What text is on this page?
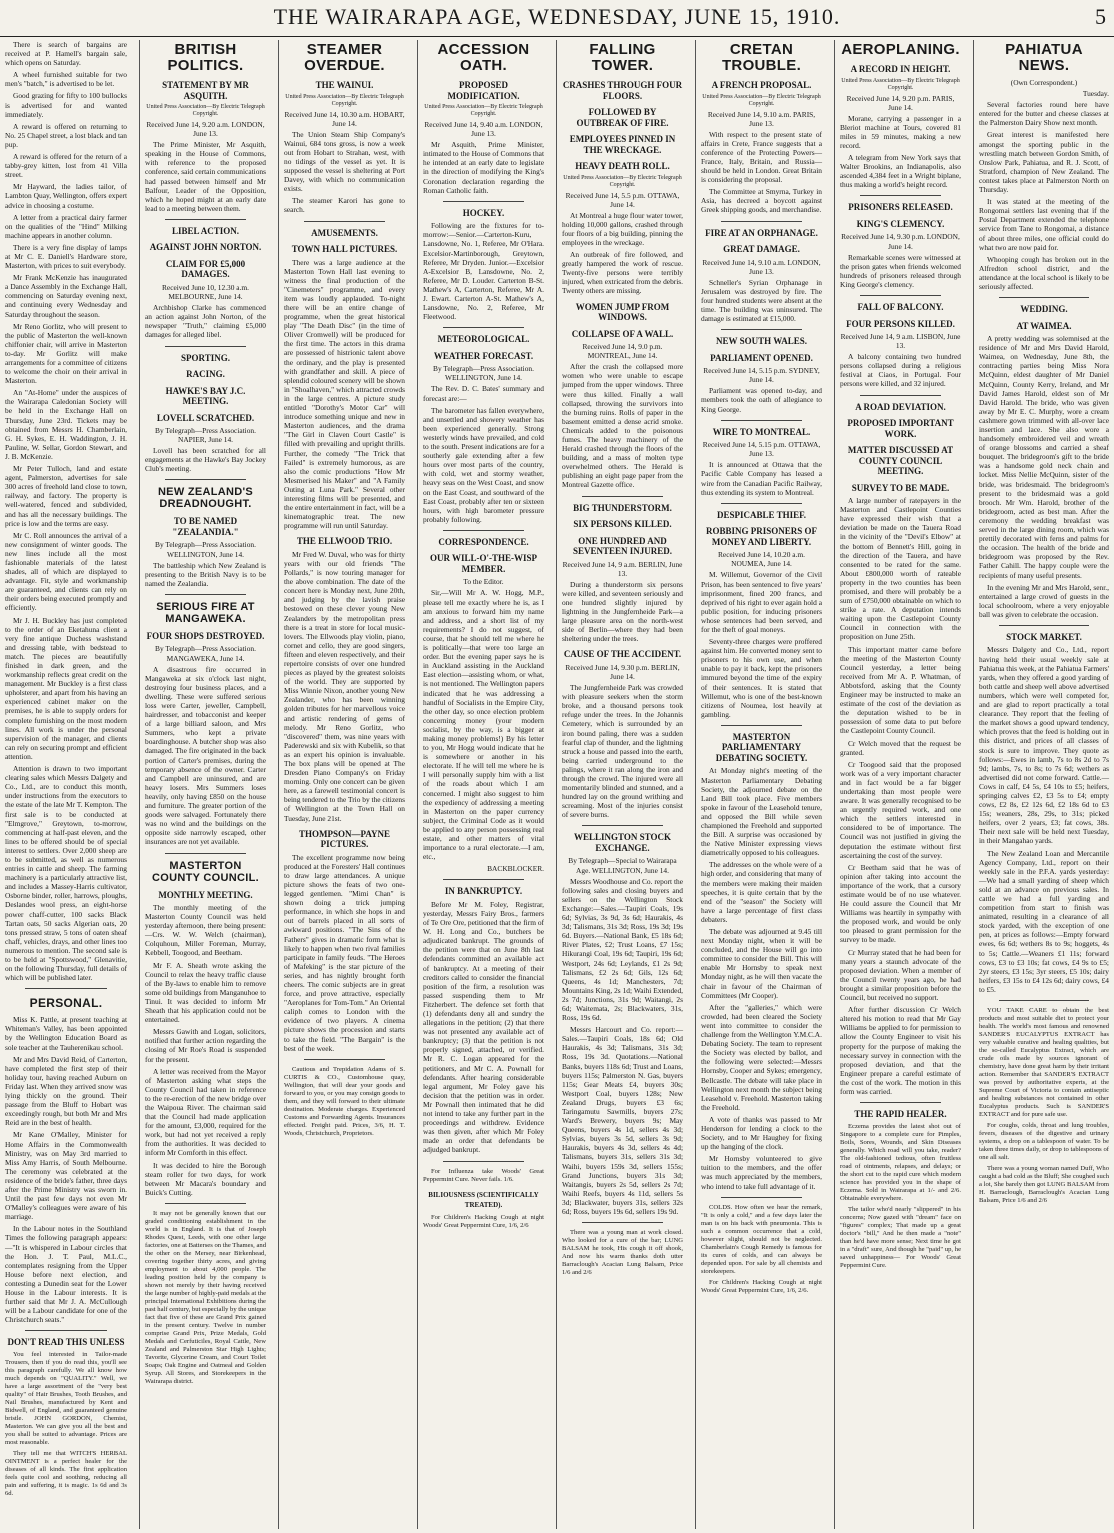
THE WAIRARAPA AGE, WEDNESDAY, JUNE 15, 1910.	5

There is search of bargains are received at P. Hamell's bargain sale, which opens on Saturday.

A wheel furnished suitable for two men's "batch," is advertised to be let.

Good grazing for fifty to 100 bullocks is advertised for and wanted immediately.

A reward is offered on returning to No. 25 Chapel street, a lost black and tan pup.

A reward is offered for the return of a tabby-grey kitten, lost from 41 Villa street.

Mr Hayward, the ladies tailor, of Lambton Quay, Wellington, offers expert advice in choosing a costume.

A letter from a practical dairy farmer on the qualities of the "Hind" Milking machine appears in another column.

There is a very fine display of lamps at Mr C. E. Daniell's Hardware store, Masterton, with prices to suit everybody.

Mr Frank McKenzie has inaugurated a Dance Assembly in the Exchange Hall, commencing on Saturday evening next, and continuing every Wednesday and Saturday throughout the season.

Mr Reno Gorlitz, who will present to the public of Masterton the well-known chiffonier chair, will arrive in Masterton to-day. Mr Gorlitz will make arrangements for a committee of citizens to welcome the choir on their arrival in Masterton.

An "At-Home" under the auspices of the Wairarapa Caledonian Society will be held in the Exchange Hall on Thursday, June 23rd. Tickets may be obtained from Messrs H. Chamberlain, G. H. Sykes, E. H. Waddington, J. H. Pauline, W. Sellar, Gordon Stewart, and J. B. McKenzie.

Mr Peter Tulloch, land and estate agent, Palmerston, advertises for sale 300 acres of freehold land close to town, railway, and factory. The property is well-watered, fenced and subdivided, and has all the necessary buildings. The price is low and the terms are easy.

Mr C. Roll announces the arrival of a new consignment of winter goods. The new lines include all the most fashionable materials of the latest shades, all of which are displayed to advantage. Fit, style and workmanship are guaranteed, and clients can rely on their orders being executed promptly and efficiently.

Mr J. H. Buckley has just completed to the order of an Eketahuna client a very fine antique Duchess washstand and dressing table, with bedstead to match. The pieces are beautifully finished in dark green, and the workmanship reflects great credit on the management. Mr Buckley is a first class upholsterer, and apart from his having an experienced cabinet maker on the premises, he is able to supply orders for complete furnishing on the most modern lines. All work is under the personal supervision of the manager, and clients can rely on securing prompt and efficient attention.

Attention is drawn to two important clearing sales which Messrs Dalgety and Co., Ltd., are to conduct this month, under instructions from the executors to the estate of the late Mr T. Kempton. The first sale is to be conducted at "Elmgrove," Greytown, to-morrow, commencing at half-past eleven, and the lines to be offered should be of special interest to settlers. Over 2,000 sheep are to be submitted, as well as numerous entries in cattle and sheep. The farming machinery is a particularly attractive list, and includes a Massey-Harris cultivator, Osborne binder, roller, harrows, ploughs, Deslandes wool press, an eight-horse power chaff-cutter, 100 sacks Black Tartan oats, 50 sacks Algerian oats, 20 tons pressed straw, 5 tons of oaten sheaf chaff, vehicles, drays, and other lines too numerous to mention. The second sale is to be held at "Spottswood," Glenavitie, on the following Thursday, full details of which will be published later.

PERSONAL.

Miss K. Pattle, at present teaching at Whiteman's Valley, has been appointed by the Wellington Education Board as sole teacher at the Tauherenikau school.

Mr and Mrs David Reid, of Carterton, have completed the first step of their holiday tour, having reached Auburn on Friday last. When they arrived snow was lying thickly on the ground. Their passage from the Bluff to Hobart was exceedingly rough, but both Mr and Mrs Reid are in the best of health.

Mr Kane O'Malley, Minister for Home Affairs in the Commonwealth Ministry, was on May 3rd married to Miss Amy Harris, of South Melbourne. The ceremony was celebrated at the residence of the bride's father, three days after the Prime Ministry was sworn in. Until the past few days not even Mr O'Malley's colleagues were aware of his marriage.

In the Labour notes in the Southland Times the following paragraph appears:—"It is whispered in Labour circles that the Hon. J. T. Paul, M.L.C., contemplates resigning from the Upper House before next election, and contesting a Dunedin seat for the Lower House in the Labour interests. It is further said that Mr J. A. McCullough will be a Labour candidate for one of the Christchurch seats."

DON'T READ THIS UNLESS

You feel interested in Tailor-made Trousers, then if you do read this, you'll see this paragraph carefully. We all know how much depends on "QUALITY." Well, we have a large assortment of the "very best quality" of Hair Brushes, Tooth Brushes, and Nail Brushes, manufactured by Kent and Bidwell, of England, and guaranteed genuine bristle. JOHN GORDON, Chemist, Masterton. We can give you all the best and you shall be suited to advantage. Prices are most reasonable.

They tell me that WITCH'S HERBAL OINTMENT is a perfect healer for the diseases of all kinds. The first application feels quite cool and soothing, reducing all pain and suffering, it is magic. 1s 6d and 3s 6d.

BRITISH POLITICS.
STATEMENT BY MR ASQUITH.
United Press Association—By Electric Telegraph Copyright.
Received June 14, 9.20 a.m. LONDON, June 13.

The Prime Minister, Mr Asquith, speaking in the House of Commons, with reference to the proposed conference, said certain communications had passed between himself and Mr Balfour, Leader of the Opposition, which he hoped might at an early date lead to a meeting between them.

LIBEL ACTION.
AGAINST JOHN NORTON.
CLAIM FOR £5,000 DAMAGES.
Received June 10, 12.30 a.m. MELBOURNE, June 14.

Archbishop Clarke has commenced an action against John Norton, of the newspaper "Truth," claiming £5,000 damages for alleged libel.

SPORTING.
RACING.
HAWKE'S BAY J.C. MEETING.
LOVELL SCRATCHED.
By Telegraph—Press Association. NAPIER, June 14.

Lovell has been scratched for all engagements at the Hawke's Bay Jockey Club's meeting.

NEW ZEALAND'S DREADNOUGHT.
TO BE NAMED "ZEALANDIA."
By Telegraph—Press Association. WELLINGTON, June 14.

The battleship which New Zealand is presenting to the British Navy is to be named the Zealandia.

SERIOUS FIRE AT MANGAWEKA.
FOUR SHOPS DESTROYED.
By Telegraph—Press Association. MANGAWEKA, June 14.

A disastrous fire occurred in Mangaweka at six o'clock last night, destroying four business places, and a dwelling. These were suffered serious loss were Carter, jeweller, Campbell, hairdresser, and tobacconist and keeper of a large billiard saloon, and Mrs Summers, who kept a private boardinghouse. A butcher shop was also damaged. The fire originated in the back portion of Carter's premises, during the temporary absence of the owner. Carter and Campbell are uninsured, and are heavy losers. Mrs Summers loses heavily, only having £850 on the house and furniture. The greater portion of the goods were salvaged. Fortunately there was no wind and the buildings on the opposite side narrowly escaped, other insurances are not yet available.

MASTERTON COUNTY COUNCIL.
MONTHLY MEETING.

The monthly meeting of the Masterton County Council was held yesterday afternoon, there being present:—Crs. W. W. Welch (chairman), Colquhoun, Miller Foreman, Murray, Kebbell, Toogood, and Beetham.

Mr F. A. Sheath wrote asking the Council to relax the heavy traffic clause of the By-laws to enable him to remove some old buildings from Manganuhoe to Tinui. It was decided to inform Mr Sheath that his application could not be entertained.

Messrs Gawith and Logan, solicitors, notified that further action regarding the closing of Mr Roe's Road is suspended for the present.

A letter was received from the Mayor of Masterton asking what steps the County Council had taken in reference to the re-erection of the new bridge over the Waipoua River. The chairman said that the Council had made application for the amount, £3,000, required for the work, but had not yet received a reply from the authorities. It was decided to inform Mr Cornforth in this effect.

It was decided to hire the Borough steam roller for two days, for work between Mr Macara's boundary and Buick's Cutting.

It may not be generally known that our graded conditioning establishment in the world is in England. It is that of Joseph Rhodes Quest, Leeds, with one other large factories, one at Batterses on the Thames, and the other on the Mersey, near Birkenhead, covering together thirty acres, and giving employment to about 4,000 people. The leading position held by the company is shown not merely by their having received the large number of highly-paid medals at the principal International Exhibitions during the past half century, but especially by the unique fact that five of these are Grand Prix gained in the present century. Twelve in number comprise Grand Prix, Prize Medals, Gold Medals and Cerfuticiles, Royal Cattle, New Zealand and Palmerston Star High Lights; Tavorite, Glycerine Cream, and Court Toilet Soaps; Oak Engine and Oatmeal and Golden Syrup. All Stores, and Storekeepers in the Wairarapa district.

STEAMER OVERDUE.
THE WAINUI.
United Press Association—By Electric Telegraph Copyright.
Received June 14, 10.30 a.m. HOBART, June 14.

The Union Steam Ship Company's Wainui, 684 tons gross, is now a week out from Hobart to Strahan, west, with no tidings of the vessel as yet. It is supposed the vessel is sheltering at Port Davey, with which no communication exists.

The steamer Karori has gone to search.

AMUSEMENTS.
TOWN HALL PICTURES.

There was a large audience at the Masterton Town Hall last evening to witness the final production of the "Cinemeters" programme, and every item was loudly applauded. To-night there will be an entire change of programme, when the great historical play "The Death Disc" (in the time of Oliver Cromwell) will be produced for the first time. The actors in this drama are possessed of histrionic talent above the ordinary, and the play is presented with grandfather and skill. A piece of splendid coloured scenery will be shown in "Shoalhaven," which attracted crowds in the large centres. A picture study entitled "Dorothy's Motor Car" will introduce something unique and new in Masterton audiences, and the drama "The Girl in Claven Court Castle" is filled with prevailing and upright thrills. Further, the comedy "The Trick that Failed" is extremely humorous, as are also the comic productions "How Mr Mesmerised his Maker" and "A Family Outing at Luna Park." Several other interesting films will be presented, and the entire entertainment in fact, will be a kinematographic treat. The new programme will run until Saturday.

THE ELLWOOD TRIO.

Mr Fred W. Duval, who was for thirty years with our old friends "The Pollards," is now touring manager for the above combination. The date of the concert here is Monday next, June 20th, and judging by the lavish praise bestowed on these clever young New Zealanders by the metropolitan press there is a treat in store for local music-lovers. The Ellwoods play violin, piano, cornet and cello, they are good singers, fifteen and eleven respectively, and their repertoire consists of over one hundred pieces as played by the greatest soloists of the world. They are supported by Miss Winnie Nixon, another young New Zealander, who has been winning golden tributes for her marvellous voice and artistic rendering of gems of melody. Mr Reno Gorlitz, who "discovered" them, was nine years with Paderewski and six with Kubelik, so that as an expert his opinion is invaluable. The box plans will be opened at The Dresden Piano Company's on Friday morning. Only one concert can be given here, as a farewell testimonial concert is being tendered to the Trio by the citizens of Wellington at the Town Hall on Tuesday, June 21st.

THOMPSON—PAYNE PICTURES.

The excellent programme now being produced at the Foresters' Hall continues to draw large attendances. A unique picture shows the feats of two one-legged gentlemen. "Mimi Chan" is shown doing a trick jumping performance, in which she hops in and out of barrels placed in all sorts of awkward positions. "The Sins of the Fathers" gives in dramatic form what is likely to happen when two rival families participate in family feuds. "The Heroes of Mafeking" is the star picture of the series, and has nightly brought forth cheers. The comic subjects are in great force, and prove attractive, especially "Aeroplanes for Tom-Tom." An Oriental caliph comes to London with the evidence of two players. A cinema picture shows the procession and starts to take the field. "The Bargain" is the best of the week.

Cautious and Trepidation Adams of S. CURTIS & CO., Customhouse quay, Wellington, that will dear your goods and forward to you, or you may consign goods to them, and they will forward to their ultimate destination. Moderate charges. Experienced Customs and Forwarding Agents. Insurances effected. Freight paid. Prices, 3/6, H. T. Woods, Christchurch, Proprietors.

ACCESSION OATH.
PROPOSED MODIFICATION.
United Press Association—By Electric Telegraph Copyright.
Received June 14, 9.40 a.m. LONDON, June 13.

Mr Asquith, Prime Minister, intimated to the House of Commons that he intended at an early date to legislate in the direction of modifying the King's Coronation declaration regarding the Roman Catholic faith.

HOCKEY.

Following are the fixtures for to-morrow:—Senior.—Carterton-Kuru, Lansdowne, No. 1, Referee, Mr O'Hara. Excelsior-Martinborough, Greytown, Referee, Mr Dryden. Junior.—Excelsior A-Excelsior B, Lansdowne, No. 2, Referee, Mr D. Louder. Carterton B-St. Mathew's A, Carterton, Referee, Mr A. J. Ewart. Carterton A-St. Mathew's A, Lansdowne, No. 2, Referee, Mr Fleetwood.

METEOROLOGICAL.
WEATHER FORECAST.
By Telegraph—Press Association. WELLINGTON, June 14.

The Rev. D. C. Bates' summary and forecast are:—

The barometer has fallen everywhere, and unsettled and showery weather has been experienced generally. Strong westerly winds have prevailed, and cold to the south. Present indications are for a southerly gale extending after a few hours over most parts of the country, with cold, wet and stormy weather, heavy seas on the West Coast, and snow on the East Coast, and southward of the East Coast, probably after ten or sixteen hours, with high barometer pressure probably following.

CORRESPONDENCE.
OUR WILL-O'-THE-WISP MEMBER.
To the Editor.

Sir,—Will Mr A. W. Hogg, M.P., please tell me exactly where he is, as I am anxious to forward him my name and address, and a short list of my requirements? I do not suggest, of course, that he should tell me where he is politically—that were too large an order. But the evening paper says he is in Auckland assisting in the Auckland East election—assisting whom, or what, is not mentioned. The Wellington papers indicated that he was addressing a handful of Socialists in the Empire City, the other day, so once election problem concerning money (your modern socialist, by the way, is a bigger at making money problems!) By his letter to you, Mr Hogg would indicate that he is somewhere or another in his electorate. If he will tell me where he is I will personally supply him with a list of the roads about which I am concerned. I might also suggest to him the expediency of addressing a meeting in Masterton on the paper currency subject, the Criminal Code as it would be applied to any person possessing real estate, and other matters of vital importance to a rural electorate.—I am, etc.,

BACKBLOCKER.
IN BANKRUPTCY.

Before Mr M. Foley, Registrar, yesterday, Messrs Fairy Bros., farmers of Te Ore Ore, petitioned that the firm of W. H. Long and Co., butchers be adjudicated bankrupt. The grounds of the petition were that on June 8th last defendants committed an available act of bankruptcy. At a meeting of their creditors called to consider the financial position of the firm, a resolution was passed suspending them to Mr Fitzherbert. The defence set forth that (1) defendants deny all and sundry the allegations in the petition; (2) that there was not presented any available act of bankruptcy; (3) that the petition is not properly signed, attached, or verified. Mr R. C. Logan appeared for the petitioners, and Mr C. A. Pownall for defendants. After hearing considerable legal argument, Mr Foley gave his decision that the petition was in order. Mr Pownall then intimated that he did not intend to take any further part in the proceedings and withdrew. Evidence was then given, after which Mr Foley made an order that defendants be adjudged bankrupt.

For Influenza take Woods' Great Peppermint Cure. Never fails. 1/6.

BILIOUSNESS (SCIENTIFICALLY TREATED).

For Children's Hacking Cough at night Woods' Great Peppermint Cure, 1/6, 2/6

FALLING TOWER.
CRASHES THROUGH FOUR FLOORS.
FOLLOWED BY OUTBREAK OF FIRE.
EMPLOYEES PINNED IN THE WRECKAGE.
HEAVY DEATH ROLL.
United Press Association—By Electric Telegraph Copyright.
Received June 14, 5.5 p.m. OTTAWA, June 14.

At Montreal a huge flour water tower, holding 10,000 gallons, crashed through four floors of a big building, pinning the employees in the wreckage.

An outbreak of fire followed, and greatly hampered the work of rescue. Twenty-five persons were terribly injured, when extricated from the debris. Twenty others are missing.

WOMEN JUMP FROM WINDOWS.
COLLAPSE OF A WALL.
Received June 14, 9.0 p.m. MONTREAL, June 14.

After the crash the collapsed more women who were unable to escape jumped from the upper windows. Three were thus killed. Finally a wall collapsed, throwing the survivors into the burning ruins. Rolls of paper in the basement emitted a dense acrid smoke. Chemicals added to the poisonous fumes. The heavy machinery of the Herald crashed through the floors of the building, and a mass of molten type overwhelmed others. The Herald is publishing an eight page paper from the Montreal Gazette office.

BIG THUNDERSTORM.
SIX PERSONS KILLED.
ONE HUNDRED AND SEVENTEEN INJURED.
Received June 14, 9 a.m. BERLIN, June 13.

During a thunderstorm six persons were killed, and seventeen seriously and one hundred slightly injured by lightning in the Jungfernheide Park—a large pleasure area on the north-west side of Berlin—where they had been sheltering under the trees.

CAUSE OF THE ACCIDENT.
Received June 14, 9.30 p.m. BERLIN, June 14.

The Jungfernheide Park was crowded with pleasure seekers when the storm broke, and a thousand persons took refuge under the trees. In the Johannis Cemetery, which is surrounded by an iron bound paling, there was a sudden fearful clap of thunder, and the lightning struck a house and passed into the earth, being carried underground to the palings, where it ran along the iron and through the crowd. The injured were all momentarily blinded and stunned, and a hundred lay on the ground writhing and screaming. Most of the injuries consist of severe burns.

WELLINGTON STOCK EXCHANGE.
By Telegraph—Special to Wairarapa Age. WELLINGTON, June 14.

Messrs Woodhouse and Co. report the following sales and closing buyers and sellers on the Wellington Stock Exchange:—Sales.—Taupiri Coals, 19s 6d; Sylvias, 3s 9d, 3s 6d; Haurakis, 4s 3d; Talismans, 31s 3d; Ross, 19s 3d; 19s 6d. Buyers.—National Bank, £5 18s 6d; River Plates, £2; Trust Loans, £7 15s; Hikurangi Coal, 19s 6d; Taupiri, 19s 6d; Westport, 24s 6d; Leylands, £1 2s 9d; Talismans, £2 2s 6d; Gils, 12s 6d; Queens, 4s 1d; Manchesters, 7d; Mountains King, 2s 1d; Waihi Extended, 2s 7d; Junctions, 31s 9d; Waitangi, 2s 6d; Waitemata, 2s; Blackwaters, 31s, Ross, 19s 6d.

Messrs Harcourt and Co. report:—Sales.—Taupiri Coals, 18s 6d; Old Haurakis, 4s 3d; Talismans, 31s 3d; Ross, 19s 3d. Quotations.—National Banks, buyers 118s 6d; Trust and Loans, buyers 115s; Palmerston N. Gas, buyers 115s; Gear Meats £4, buyers 30s; Westport Coal, buyers 128s; New Zealand Drugs, buyers £3 6s; Taringamutu Sawmills, buyers 27s; Ward's Brewery, buyers 9s; May Queens, buyers 4s 1d, sellers 4s 3d; Sylvias, buyers 3s 5d, sellers 3s 9d; Haurakis, buyers 4s 3d, sellers 4s 4d; Talismans, buyers 31s, sellers 31s 3d; Waihi, buyers 159s 3d, sellers 155s; Grand Junctions, buyers 31s 3d; Waitangis, buyers 2s 5d, sellers 2s 7d; Waihi Reefs, buyers 4s 11d, sellers 5s 3d; Blackwater, buyers 31s, sellers 32s 6d; Ross, buyers 19s 6d, sellers 19s 9d.

There was a young man at work closed. Who looked for a cure of the bar; LUNG BALSAM he took, His cough it off shook, And now his warm thanks doth utter Barraclough's Acacian Lung Balsam, Price 1/6 and 2/6

CRETAN TROUBLE.
A FRENCH PROPOSAL.
United Press Association—By Electric Telegraph Copyright.
Received June 14, 9.10 a.m. PARIS, June 13.

With respect to the present state of affairs in Crete, France suggests that a conference of the Protecting Powers—France, Italy, Britain, and Russia—should be held in London. Great Britain is considering the proposal.

The Committee at Smyrna, Turkey in Asia, has decreed a boycott against Greek shipping goods, and merchandise.

FIRE AT AN ORPHANAGE.
GREAT DAMAGE.
Received June 14, 9.10 a.m. LONDON, June 13.

Schneller's Syrian Orphanage in Jerusalem was destroyed by fire. The four hundred students were absent at the time. The building was uninsured. The damage is estimated at £15,000.

NEW SOUTH WALES.
PARLIAMENT OPENED.
Received June 14, 5.15 p.m. SYDNEY, June 14.

Parliament was opened to-day, and members took the oath of allegiance to King George.

WIRE TO MONTREAL.
Received June 14, 5.15 p.m. OTTAWA, June 13.

It is announced at Ottawa that the Pacific Cable Company has leased a wire from the Canadian Pacific Railway, thus extending its system to Montreal.

DESPICABLE THIEF.
ROBBING PRISONERS OF MONEY AND LIBERTY.
Received June 14, 10.20 a.m. NOUMEA, June 14.

M. Willemut, Governor of the Civil Prison, has been sentenced to five years' imprisonment, fined 200 francs, and deprived of his right to ever again hold a public position, for inducing prisoners whose sentences had been served, and for the theft of goal moneys.

Seventy-three charges were proffered against him. He converted money sent to prisoners to his own use, and when unable to pay it back, kept the prisoners immured beyond the time of the expiry of their sentences. It is stated that Willemut, who is one of the best-known citizens of Noumea, lost heavily at gambling.

MASTERTON PARLIAMENTARY DEBATING SOCIETY.

At Monday night's meeting of the Masterton Parliamentary Debating Society, the adjourned debate on the Land Bill took place. Five members spoke in favour of the Leasehold tenure, and opposed the Bill while seven championed the Freehold and supported the Bill. A surprise was occasioned by the Native Minister expressing views diametrically opposed to his colleagues.

The addresses on the whole were of a high order, and considering that many of the members were making their maiden speeches, it is quite certain that by the end of the "season" the Society will have a large percentage of first class debaters.

The debate was adjourned at 9.45 till next Monday night, when it will be concluded, and the House will go into committee to consider the Bill. This will enable Mr Hornsby to speak next Monday night, as he will then vacate the chair in favour of the Chairman of Committees (Mr Cooper).

After the "galleries," which were crowded, had been cleared the Society went into committee to consider the challenge from the Wellington Y.M.C.A. Debating Society. The team to represent the Society was elected by ballot, and the following were selected:—Messrs Hornsby, Cooper and Sykes; emergency, Bellcastle. The debate will take place in Wellington next month the subject being Leasehold v. Freehold. Masterton taking the Freehold.

A vote of thanks was passed to Mr Henderson for lending a clock to the Society, and to Mr Haughey for fixing up the hanging of the clock.

Mr Hornsby volunteered to give tuition to the members, and the offer was much appreciated by the members, who intend to take full advantage of it.

COLDS. How often we hear the remark, "It is only a cold," and a few days later the man is on his back with pneumonia. This is such a common occurrence that a cold, however slight, should not be neglected. Chamberlain's Cough Remedy is famous for its cures of colds, and can always be depended upon. For sale by all chemists and storekeepers.

For Children's Hacking Cough at night Woods' Great Peppermint Cure, 1/6, 2/6.

AEROPLANING.
A RECORD IN HEIGHT.
United Press Association—By Electric Telegraph Copyright.
Received June 14, 9.20 p.m. PARIS, June 14.

Morane, carrying a passenger in a Bleriot machine at Tours, covered 81 miles in 59 minutes, making a new record.

A telegram from New York says that Walter Brookins, an Indianapolis, also ascended 4,384 feet in a Wright biplane, thus making a world's height record.

PRISONERS RELEASED.
KING'S CLEMENCY.
Received June 14, 9.30 p.m. LONDON, June 14.

Remarkable scenes were witnessed at the prison gates when friends welcomed hundreds of prisoners released through King George's clemency.

FALL OF BALCONY.
FOUR PERSONS KILLED.
Received June 14, 9 a.m. LISBON, June 13.

A balcony containing two hundred persons collapsed during a religious festival at Ciaos, in Portugal. Four persons were killed, and 32 injured.

A ROAD DEVIATION.
PROPOSED IMPORTANT WORK.
MATTER DISCUSSED AT COUNTY COUNCIL MEETING.
SURVEY TO BE MADE.

A large number of ratepayers in the Masterton and Castlepoint Counties have expressed their wish that a deviation be made on the Tauera Road in the vicinity of the "Devil's Elbow" at the bottom of Bennett's Hill, going in the direction of the Tauera, and have consented to be rated for the same. About £800,000 worth of rateable property in the two counties has been promised, and there will probably be a sum of £750,000 obtainable on which to strike a rate. A deputation intends waiting upon the Castlepoint County Council in connection with the proposition on June 25th.

This important matter came before the meeting of the Masterton County Council yesterday, a letter being received from Mr A. P. Whatman, of Abbotsford, asking that the County Engineer may be instructed to make an estimate of the cost of the deviation as the deputation wished to be in possession of some data to put before the Castlepoint County Council.

Cr Welch moved that the request be granted.

Cr Toogood said that the proposed work was of a very important character and in fact would be a far bigger undertaking than most people were aware. It was generally recognised to be an urgently required work, and one which the settlers interested in considered to be of importance. The Council was not justified in giving the deputation the estimate without first ascertaining the cost of the survey.

Cr Beetham said that he was of opinion after taking into account the importance of the work, that a cursory estimate would be of no use whatever. He could assure the Council that Mr Williams was heartily in sympathy with the proposed work, and would be only too pleased to grant permission for the survey to be made.

Cr Murray stated that he had been for many years a staunch advocate of the proposed deviation. When a member of the Council twenty years ago, he had brought a similar proposition before the Council, but received no support.

After further discussion Cr Welch altered his motion to read that Mr Gay Williams be applied to for permission to allow the County Engineer to visit his property for the purpose of making the necessary survey in connection with the proposed deviation, and that the Engineer prepare a careful estimate of the cost of the work. The motion in this form was carried.

THE RAPID HEALER.

Eczema provides the latest shot out of Singapore to a complete cure for Pimples, Boils, Sores, Wounds, and Skin Diseases generally. Which road will you take, reader? The old-fashioned tedious, often fruitless road of ointments, relapses, and delays; or the short cut to the rapid cure which modern science has provided you in the shape of Eczema. Sold in Wairarapa at 1/- and 2/6. Obtainable everywhere.

The tailor who'd nearly "slippered" in his concerns; Now gazed with "dream" face on "figures" complex; That made up a great doctor's "bill," And he then made a "note" than he'd have more sense; Next time he got in a "draft" sure, And though he "paid" up, he saved unhappiness— For Woods' Great Peppermint Cure.

PAHIATUA NEWS.
(Own Correspondent.)
Tuesday.

Several factories round here have entered for the butter and cheese classes at the Palmerston Dairy Show next month.

Great interest is manifested here amongst the sporting public in the wrestling match between Gordon Smith, of Onslow Park, Pahiatua, and R. J. Scott, of Stratford, champion of New Zealand. The contest takes place at Palmerston North on Thursday.

It was stated at the meeting of the Rongomai settlers last evening that if the Postal Department extended the telephone service from Tane to Rongomai, a distance of about three miles, one official could do what two are now paid for.

Whooping cough has broken out in the Alfredton school district, and the attendance at the local school is likely to be seriously affected.

WEDDING.
AT WAIMEA.

A pretty wedding was solemnised at the residence of Mr and Mrs David Harold, Waimea, on Wednesday, June 8th, the contracting parties being Miss Nora McQuinn, eldest daughter of Mr Daniel McQuinn, County Kerry, Ireland, and Mr David James Harold, eldest son of Mr David Harold. The bride, who was given away by Mr E. C. Murphy, wore a cream cashmere gown trimmed with all-over lace insertion and lace. She also wore a handsomely embroidered veil and wreath of orange blossoms and carried a sheaf bouquet. The bridegroom's gift to the bride was a handsome gold neck chain and locket. Miss Nellie McQuinn, sister of the bride, was bridesmaid. The bridegroom's present to the bridesmaid was a gold brooch. Mr Wm. Harold, brother of the bridegroom, acted as best man. After the ceremony the wedding breakfast was served in the large dining room, which was prettily decorated with ferns and palms for the occasion. The health of the bride and bridegroom was proposed by the Rev. Father Cahill. The happy couple were the recipients of many useful presents.

In the evening Mr and Mrs Harold, senr., entertained a large crowd of guests in the local schoolroom, where a very enjoyable ball was given to celebrate the occasion.

STOCK MARKET.

Messrs Dalgety and Co., Ltd., report having held their usual weekly sale at Pahiatua this week, at the Pahiatua Farmers' yards, when they offered a good yarding of both cattle and sheep well above advertised numbers, which were well competed for, and are glad to report practically a total clearance. They report that the feeling of the market shows a good upward tendency, which proves that the feed is holding out in this district, and prices of all classes of stock is sure to improve. They quote as follows:—Ewes in lamb, 7s to 8s 2d to 7s 9d; lambs, 7s, to 8s; to 7s 6d; wethers as advertised did not come forward. Cattle.—Cows in calf, £4 5s, £4 10s to £5; heifers, springing calves £2, £3 5s to £4; empty cows, £2 8s, £2 12s 6d, £2 18s 6d to £3 15s; weaners, 28s, 29s, to 31s; picked heifers, over 2 years, £3; fat cows, 38s. Their next sale will be held next Tuesday, in their Mangahao yards.

The New Zealand Loan and Mercantile Agency Company, Ltd., report on their weekly sale in the P.F.A. yards yesterday:—We had a small yarding of sheep which sold at an advance on previous sales. In cattle we had a full yarding and competition from start to finish was animated, resulting in a clearance of all stock yarded, with the exception of one pen, at prices as follows:—Empty forward ewes, 6s 6d; wethers 8s to 9s; hoggets, 4s to 5s; Cattle.—Weaners £1 11s; forward cows, £3 to £3 10s; fat cows, £4 9s to £5; 2yr steers, £3 15s; 3yr steers, £5 10s; dairy heifers, £3 15s to £4 12s 6d; dairy cows, £4 to £5.

YOU TAKE CARE to obtain the best products and most suitable diet to protect your health. The world's most famous and renowned SANDER'S EUCALYPTUS EXTRACT has very valuable curative and healing qualities, but the so-called Eucalyptus Extract, which are crude oils made by sources ignorant of chemistry, have done great harm by their irritant action. Remember that SANDER'S EXTRACT was proved by authoritative experts, at the Supreme Court of Victoria to contain antiseptic and healing substances not contained in other Eucalyptus products. Such is SANDER'S EXTRACT and for pure safe use.

For coughs, colds, throat and lung troubles, fevers, diseases of the digestive and urinary systems, a drop on a tablespoon of water. To be taken three times daily, or drop to tablespoons of one all salt.

There was a young woman named Duff, Who caught a bad cold as the Bluff; She coughed such a lot, She barely then got LUNG BALSAM from H. Barraclough, Barraclough's Acacian Lung Balsam, Price 1/6 and 2/6
